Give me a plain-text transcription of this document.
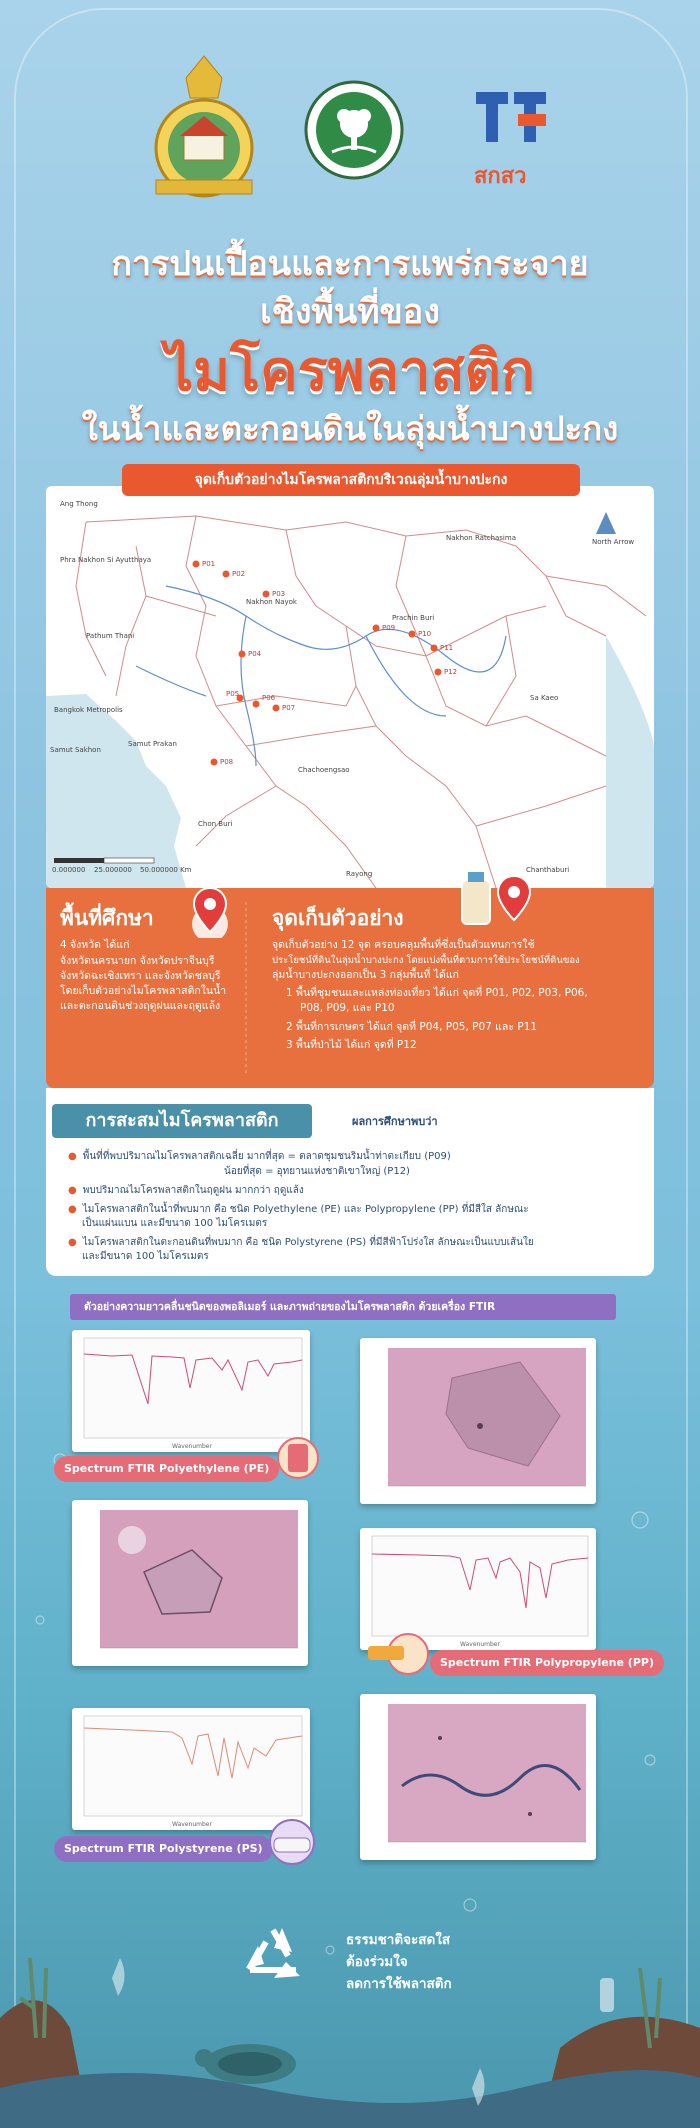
สกสว
การปนเปื้อนและการแพร่กระจาย
เชิงพื้นที่ของ
ไมโครพลาสติก
ในน้ำและตะกอนดินในลุ่มน้ำบางปะกง
Ang Thong
Phra Nakhon Si Ayutthaya
Nakhon Nayok
Prachin Buri
Nakhon Ratchasima
Pathum Thani
Bangkok Metropolis
Samut Prakan
Chachoengsao
Samut Sakhon
Chon Buri
Sa Kaeo
Rayong	Chanthaburi
North Arrow
0.000000 25.000000 50.000000 Km
P01
P02
P03
P04
P05	P06
P07
P08
P09
P10
P11
P12
จุดเก็บตัวอย่างไมโครพลาสติกบริเวณลุ่มน้ำบางปะกง
พื้นที่ศึกษา
4 จังหวัด ได้แก่
จังหวัดนครนายก จังหวัดปราจีนบุรี
จังหวัดฉะเชิงเทรา และจังหวัดชลบุรี
โดยเก็บตัวอย่างไมโครพลาสติกในน้ำ
และตะกอนดินช่วงฤดูฝนและฤดูแล้ง
จุดเก็บตัวอย่าง
จุดเก็บตัวอย่าง 12 จุด ครอบคลุมพื้นที่ซึ่งเป็นตัวแทนการใช้
ประโยชน์ที่ดินในลุ่มน้ำบางปะกง โดยแบ่งพื้นที่ตามการใช้ประโยชน์ที่ดินของ
ลุ่มน้ำบางปะกงออกเป็น 3 กลุ่มพื้นที่ ได้แก่
1 พื้นที่ชุมชนและแหล่งท่องเที่ยว ได้แก่ จุดที่ P01, P02, P03, P06,
P08, P09, และ P10
2 พื้นที่การเกษตร ได้แก่ จุดที่ P04, P05, P07 และ P11
3 พื้นที่ป่าไม้ ได้แก่ จุดที่ P12
การสะสมไมโครพลาสติก	ผลการศึกษาพบว่า
● พื้นที่ที่พบปริมาณไมโครพลาสติกเฉลี่ย มากที่สุด = ตลาดชุมชนริมน้ำท่าตะเกียบ (P09)
น้อยที่สุด = อุทยานแห่งชาติเขาใหญ่ (P12)
● พบปริมาณไมโครพลาสติกในฤดูฝน มากกว่า ฤดูแล้ง
● ไมโครพลาสติกในน้ำที่พบมาก คือ ชนิด Polyethylene (PE) และ Polypropylene (PP) ที่มีสีใส ลักษณะ
เป็นแผ่นแบน และมีขนาด 100 ไมโครเมตร
● ไมโครพลาสติกในตะกอนดินที่พบมาก คือ ชนิด Polystyrene (PS) ที่มีสีฟ้าโปร่งใส ลักษณะเป็นแบบเส้นใย
และมีขนาด 100 ไมโครเมตร
ตัวอย่างความยาวคลื่นชนิดของพอลิเมอร์ และภาพถ่ายของไมโครพลาสติก ด้วยเครื่อง FTIR
Wavenumber
Spectrum FTIR Polyethylene (PE)
Wavenumber
Spectrum FTIR Polypropylene (PP)
Wavenumber
Spectrum FTIR Polystyrene (PS)
ธรรมชาติจะสดใส
ต้องร่วมใจ
ลดการใช้พลาสติก
